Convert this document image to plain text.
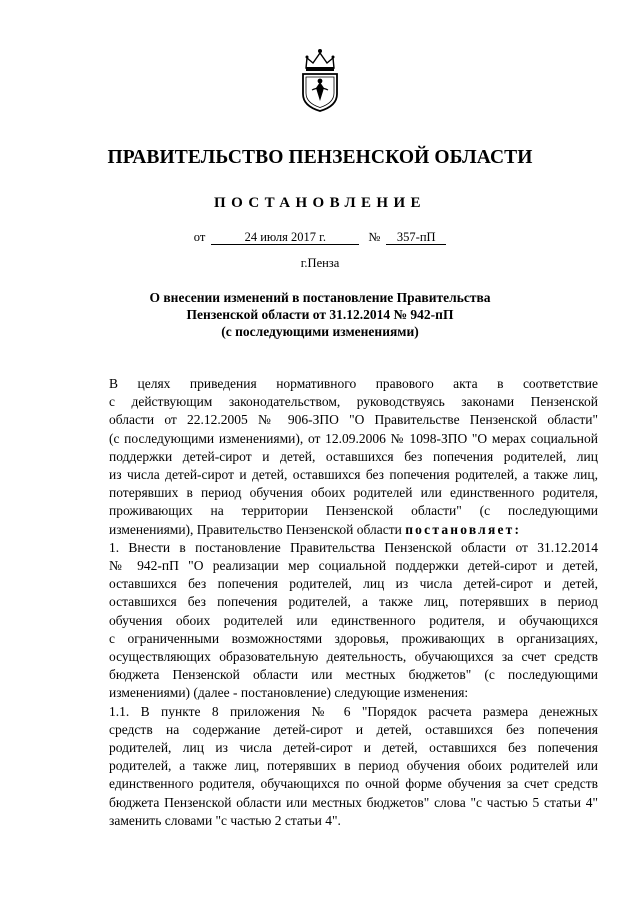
ПРАВИТЕЛЬСТВО ПЕНЗЕНСКОЙ ОБЛАСТИ
ПОСТАНОВЛЕНИЕ
от	24 июля 2017 г.	№ 357-пП
г.Пенза
О внесении изменений в постановление Правительства
Пензенской области от 31.12.2014 № 942-пП
(с последующими изменениями)

В целях приведения нормативного правового акта в соответствие
с действующим законодательством, руководствуясь законами Пензенской
области от 22.12.2005 № 906-ЗПО "О Правительстве Пензенской области"
(с последующими изменениями), от 12.09.2006 № 1098-ЗПО "О мерах социальной
поддержки детей-сирот и детей, оставшихся без попечения родителей, лиц
из числа детей-сирот и детей, оставшихся без попечения родителей, а также лиц,
потерявших в период обучения обоих родителей или единственного родителя,
проживающих на территории Пензенской области" (с последующими
изменениями), Правительство Пензенской области постановляет:

1. Внести в постановление Правительства Пензенской области от 31.12.2014
№ 942-пП "О реализации мер социальной поддержки детей-сирот и детей,
оставшихся без попечения родителей, лиц из числа детей-сирот и детей,
оставшихся без попечения родителей, а также лиц, потерявших в период
обучения обоих родителей или единственного родителя, и обучающихся
с ограниченными возможностями здоровья, проживающих в организациях,
осуществляющих образовательную деятельность, обучающихся за счет средств
бюджета Пензенской области или местных бюджетов" (с последующими
изменениями) (далее - постановление) следующие изменения:

1.1. В пункте 8 приложения № 6 "Порядок расчета размера денежных
средств на содержание детей-сирот и детей, оставшихся без попечения
родителей, лиц из числа детей-сирот и детей, оставшихся без попечения
родителей, а также лиц, потерявших в период обучения обоих родителей или
единственного родителя, обучающихся по очной форме обучения за счет средств
бюджета Пензенской области или местных бюджетов" слова "с частью 5 статьи 4"
заменить словами "с частью 2 статьи 4".
